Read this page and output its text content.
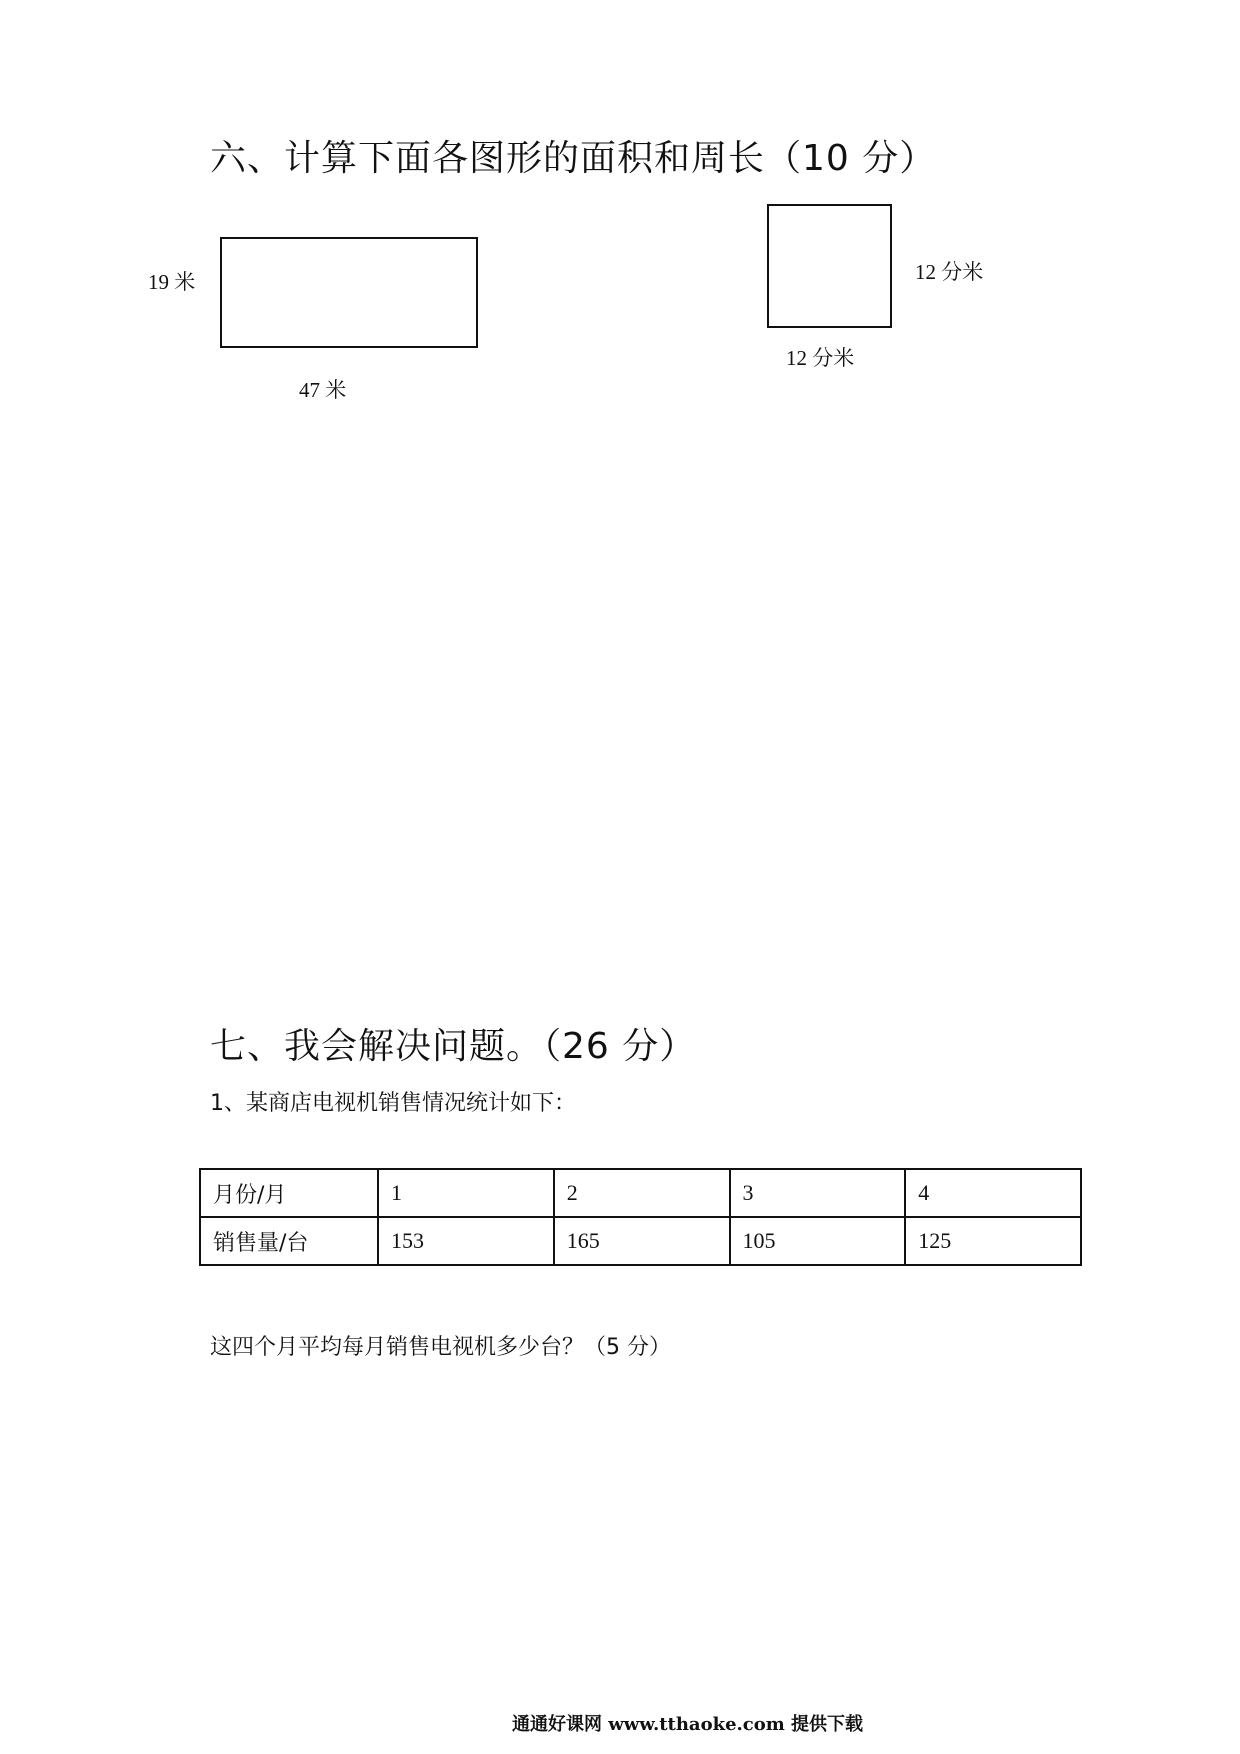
六、计算下面各图形的面积和周长（10 分）
19 米
47 米
12 分米
12 分米
七、我会解决问题。（26 分）
1、某商店电视机销售情况统计如下：
月份/月	1	2	3	4
销售量/台	153	165	105	125
这四个月平均每月销售电视机多少台？（5 分）
通通好课网 www.tthaoke.com 提供下载
